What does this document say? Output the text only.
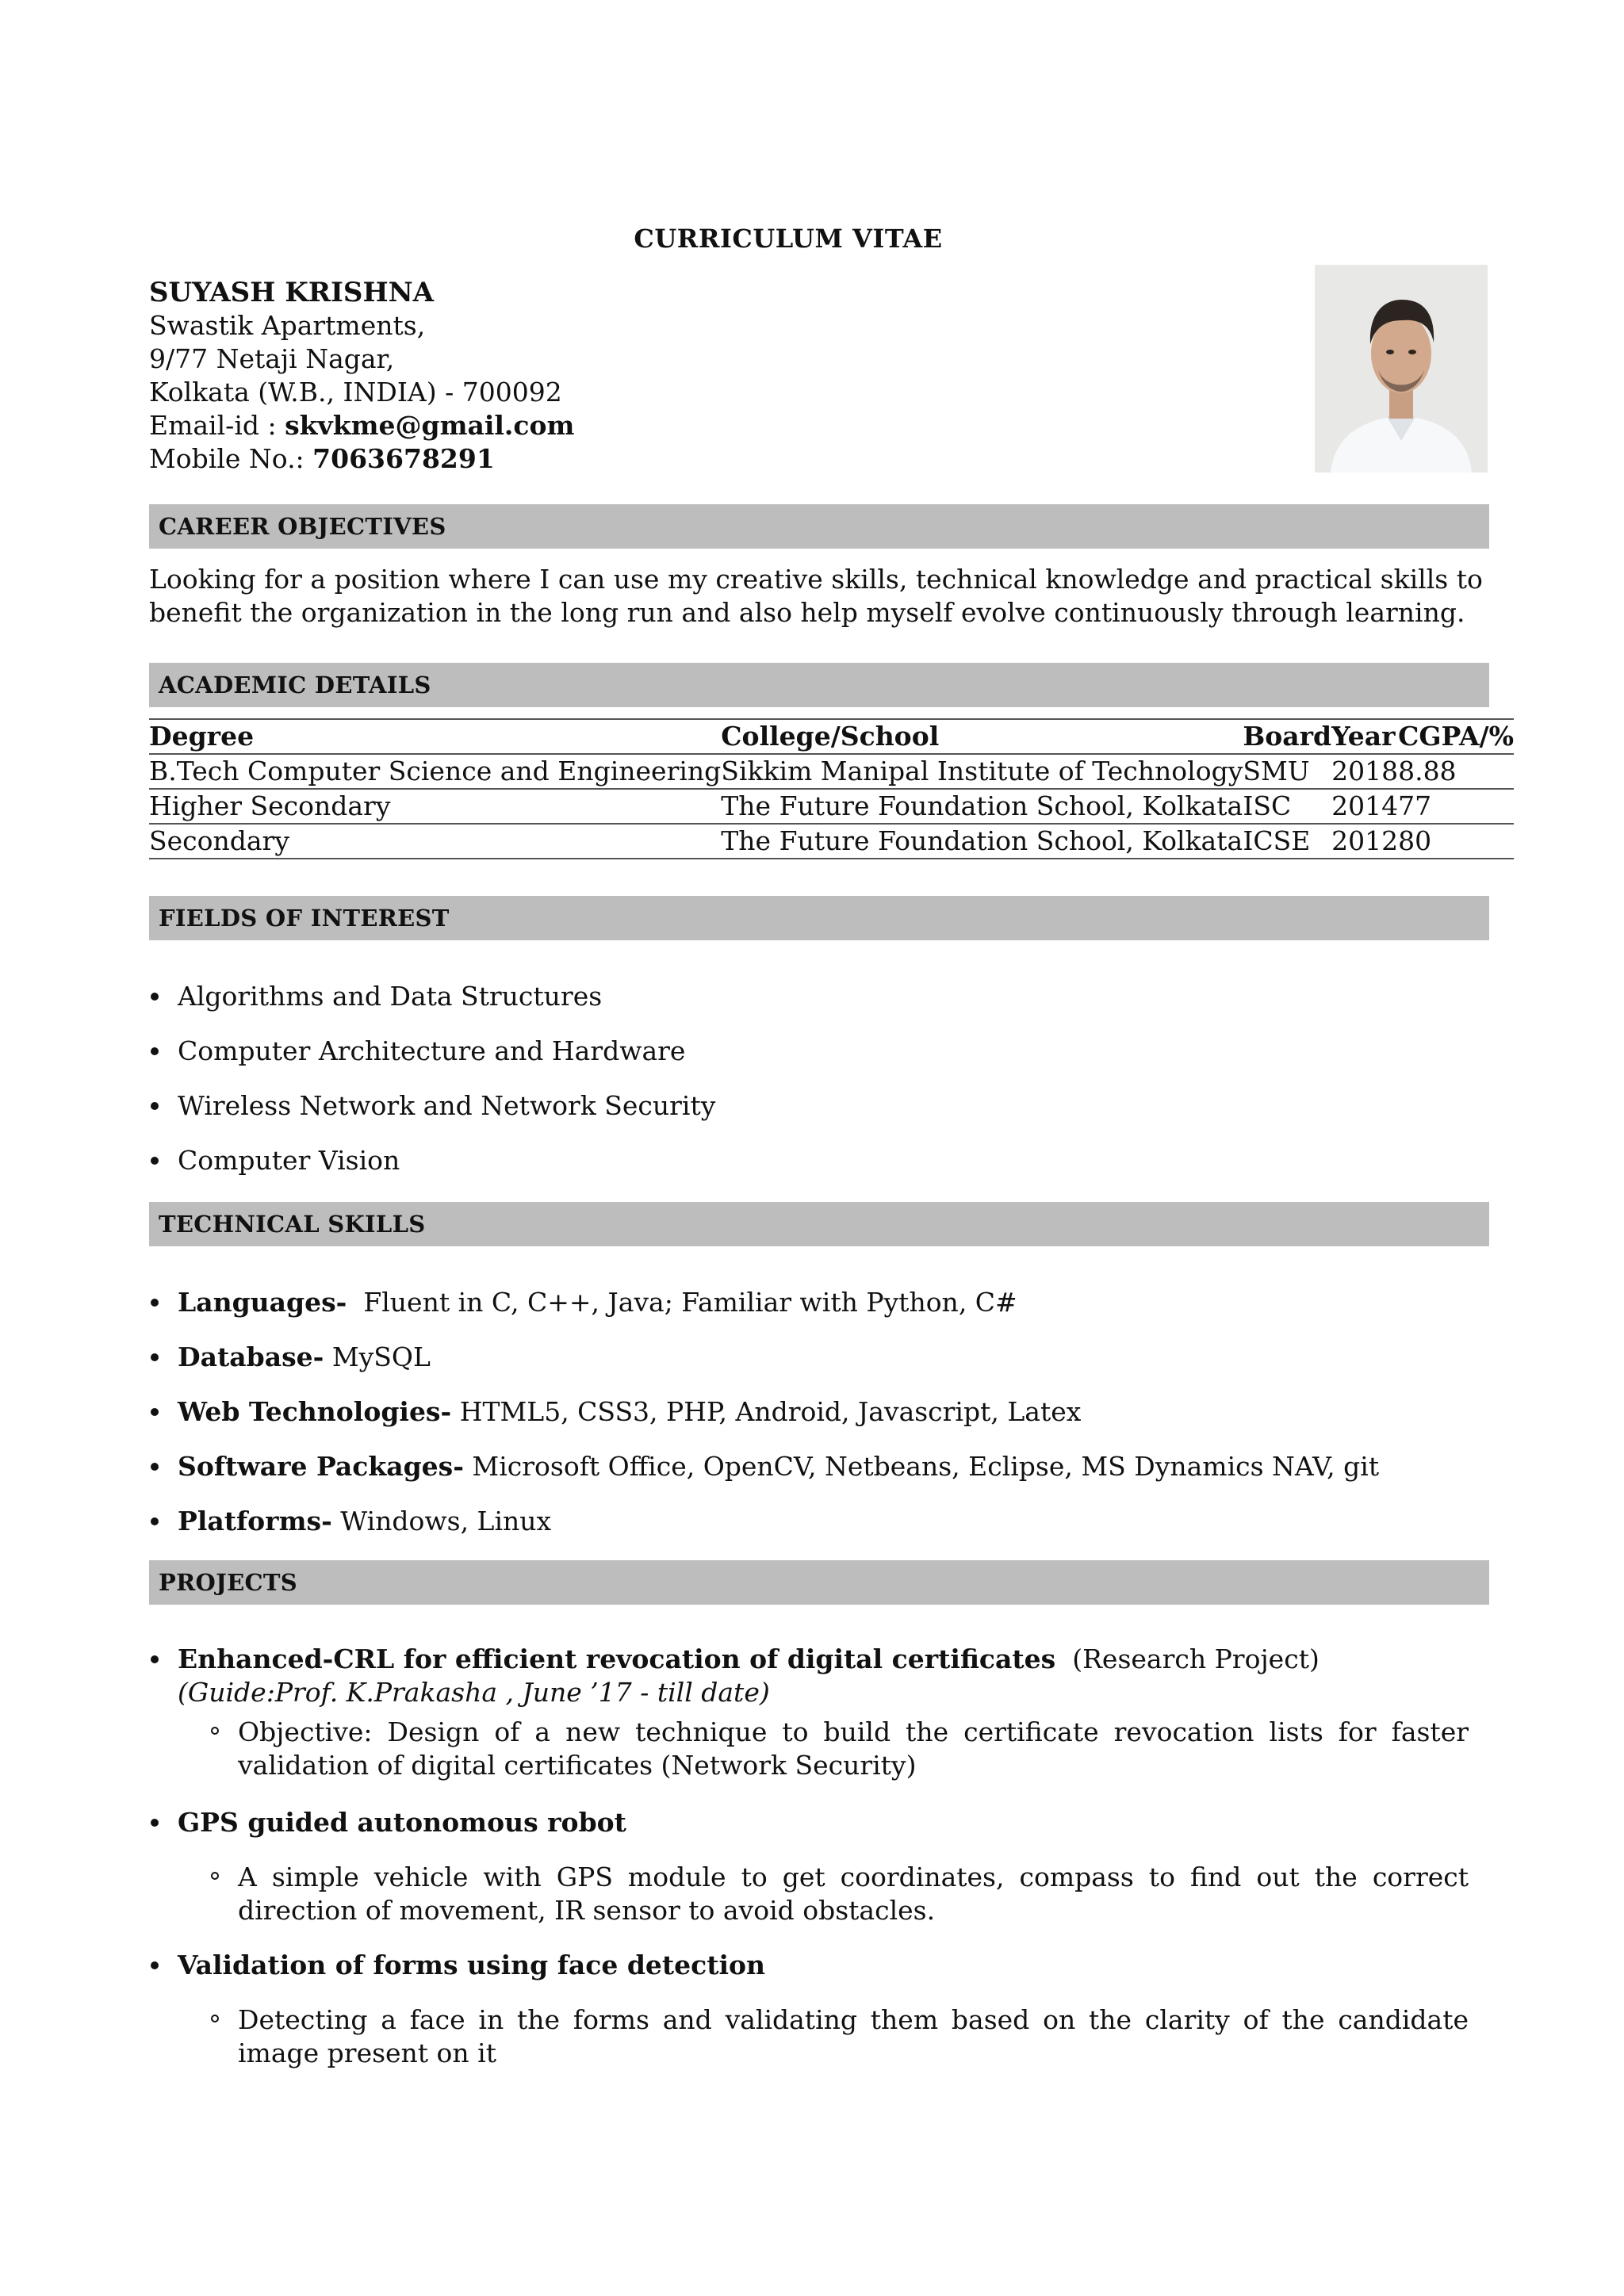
CURRICULUM VITAE
SUYASH KRISHNA
Swastik Apartments,
9/77 Netaji Nagar,
Kolkata (W.B., INDIA) - 700092
Email-id : skvkme@gmail.com
Mobile No.: 7063678291
CAREER OBJECTIVES
Looking for a position where I can use my creative skills, technical knowledge and practical skills to benefit the organization in the long run and also help myself evolve continuously through learning.
ACADEMIC DETAILS
Degree	College/School	Board	Year	CGPA/%
B.Tech Computer Science and Engineering	Sikkim Manipal Institute of Technology	SMU	2018	8.88
Higher Secondary	The Future Foundation School, Kolkata	ISC	2014	77
Secondary	The Future Foundation School, Kolkata	ICSE	2012	80
FIELDS OF INTEREST
Algorithms and Data Structures
Computer Architecture and Hardware
Wireless Network and Network Security
Computer Vision
TECHNICAL SKILLS
Languages-  Fluent in C, C++, Java; Familiar with Python, C#
Database- MySQL
Web Technologies- HTML5, CSS3, PHP, Android, Javascript, Latex
Software Packages- Microsoft Office, OpenCV, Netbeans, Eclipse, MS Dynamics NAV, git
Platforms- Windows, Linux
PROJECTS
Enhanced-CRL for efficient revocation of digital certificates  (Research Project)
(Guide:Prof. K.Prakasha , June ’17 - till date)
Objective: Design of a new technique to build the certificate revocation lists for faster validation of digital certificates (Network Security)
GPS guided autonomous robot
A simple vehicle with GPS module to get coordinates, compass to find out the correct direction of movement, IR sensor to avoid obstacles.
Validation of forms using face detection
Detecting a face in the forms and validating them based on the clarity of the candidate image present on it
